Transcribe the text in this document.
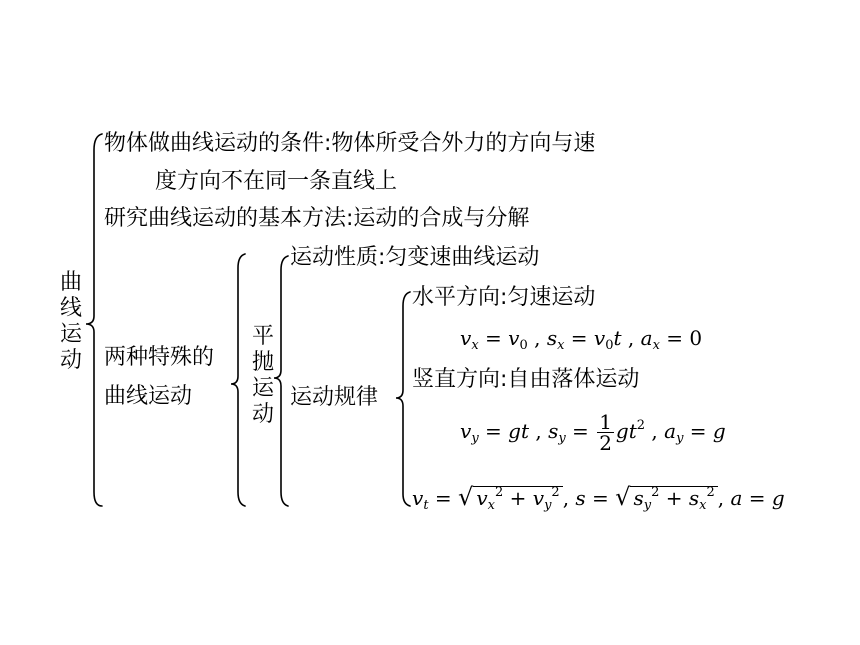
曲线运动
物体做曲线运动的条件:物体所受合外力的方向与速
度方向不在同一条直线上
研究曲线运动的基本方法:运动的合成与分解
两种特殊的
曲线运动
平抛运动
运动性质:匀变速曲线运动
运动规律
水平方向:匀速运动
$v_x = v_0$ , $s_x = v_0t$ , $a_x = 0$
竖直方向:自由落体运动
$v_y$ = gt , $s_y = \frac{1}{2} gt^2$ , $a_y = g$
$v_t$ = √ $v_x^2 + v_y^2$ , s = √ $s_y^2 + s_x^2$ , a = g
